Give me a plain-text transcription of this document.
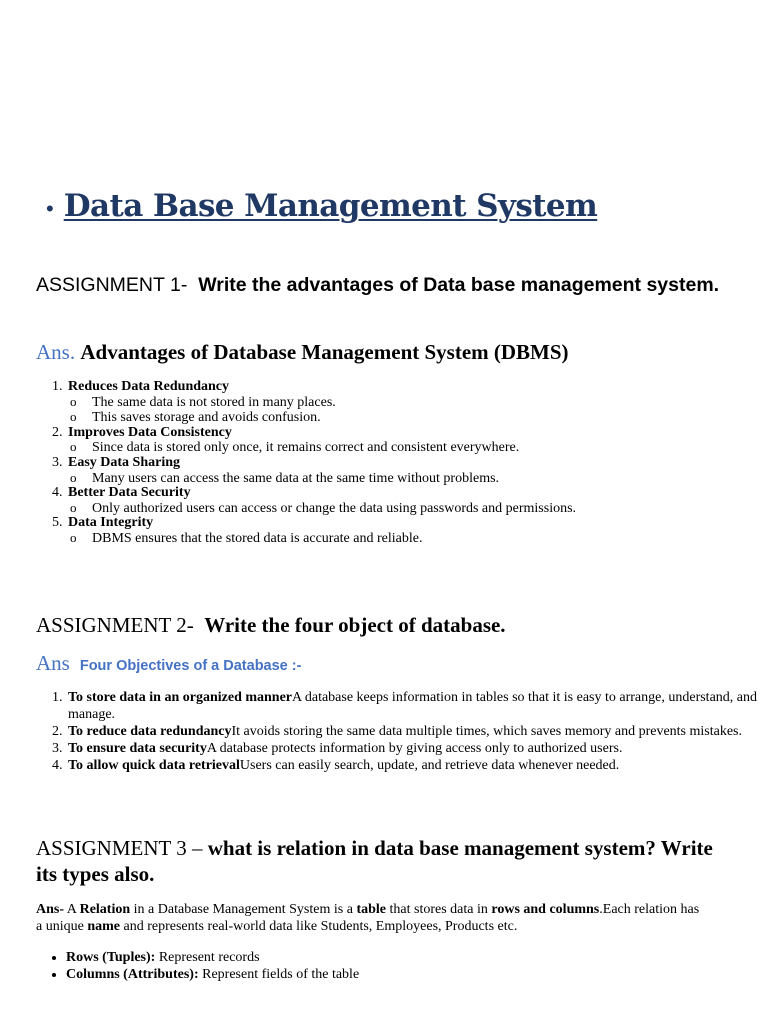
• Data Base Management System
ASSIGNMENT 1- Write the advantages of Data base management system.
Ans. Advantages of Database Management System (DBMS)
1. Reduces Data Redundancy
o The same data is not stored in many places.
o This saves storage and avoids confusion.
2. Improves Data Consistency
o Since data is stored only once, it remains correct and consistent everywhere.
3. Easy Data Sharing
o Many users can access the same data at the same time without problems.
4. Better Data Security
o Only authorized users can access or change the data using passwords and permissions.
5. Data Integrity
o DBMS ensures that the stored data is accurate and reliable.
ASSIGNMENT 2- Write the four object of database.
Ans Four Objectives of a Database :-
1. To store data in an organized mannerA database keeps information in tables so that it is easy to arrange, understand, and manage.
2. To reduce data redundancyIt avoids storing the same data multiple times, which saves memory and prevents mistakes.
3. To ensure data securityA database protects information by giving access only to authorized users.
4. To allow quick data retrievalUsers can easily search, update, and retrieve data whenever needed.
ASSIGNMENT 3 – what is relation in data base management system? Write its types also.
Ans- A Relation in a Database Management System is a table that stores data in rows and columns.Each relation has a unique name and represents real-world data like Students, Employees, Products etc.
• Rows (Tuples): Represent records
• Columns (Attributes): Represent fields of the table
